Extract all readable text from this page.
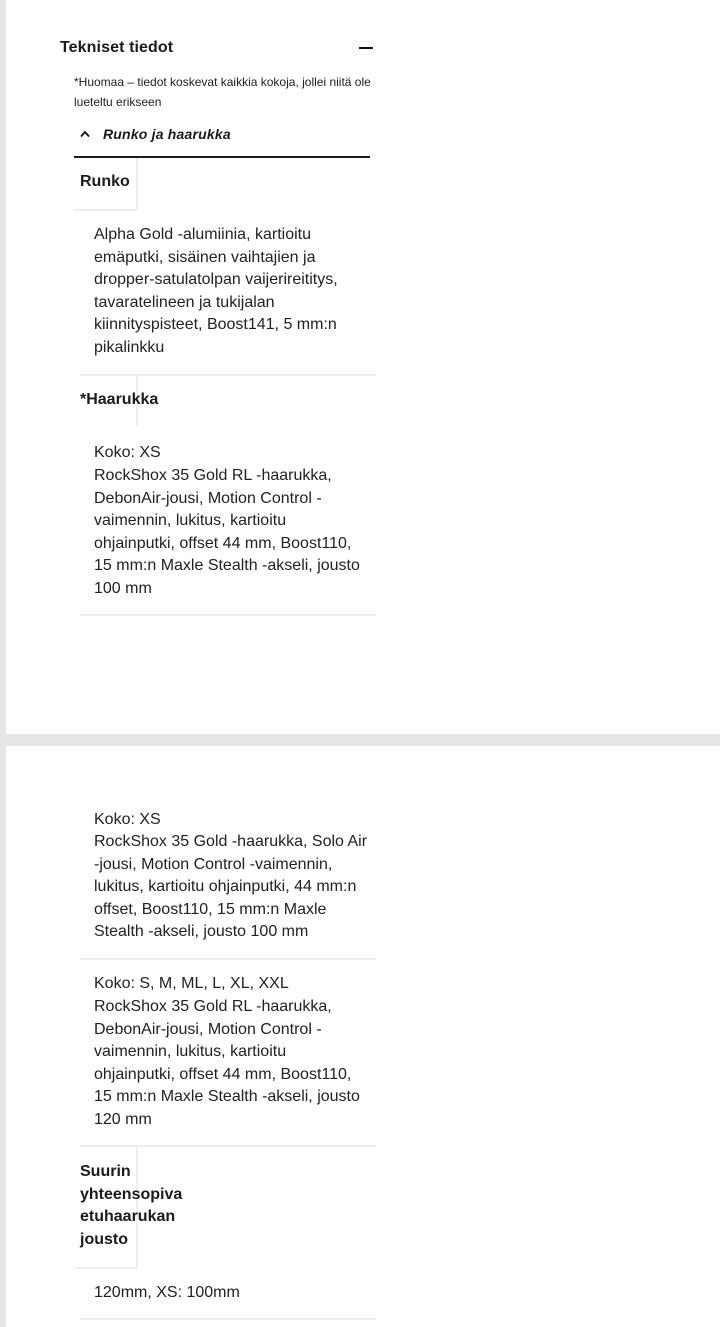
Tekniset tiedot
*Huomaa – tiedot koskevat kaikkia kokoja, jollei niitä ole lueteltu erikseen
Runko ja haarukka
Runko
Alpha Gold -alumiinia, kartioitu emäputki, sisäinen vaihtajien ja dropper-satulatolpan vaijerireititys, tavaratelineen ja tukijalan kiinnityspisteet, Boost141, 5 mm:n pikalinkku
*Haarukka
Koko: XS
RockShox 35 Gold RL -haarukka, DebonAir-jousi, Motion Control -vaimennin, lukitus, kartioitu ohjainputki, offset 44 mm, Boost110, 15 mm:n Maxle Stealth -akseli, jousto 100 mm
Koko: XS
RockShox 35 Gold -haarukka, Solo Air -jousi, Motion Control -vaimennin, lukitus, kartioitu ohjainputki, 44 mm:n offset, Boost110, 15 mm:n Maxle Stealth -akseli, jousto 100 mm
Koko: S, M, ML, L, XL, XXL
RockShox 35 Gold RL -haarukka, DebonAir-jousi, Motion Control -vaimennin, lukitus, kartioitu ohjainputki, offset 44 mm, Boost110, 15 mm:n Maxle Stealth -akseli, jousto 120 mm
Suurin yhteensopiva etuhaarukan jousto
120mm, XS: 100mm
